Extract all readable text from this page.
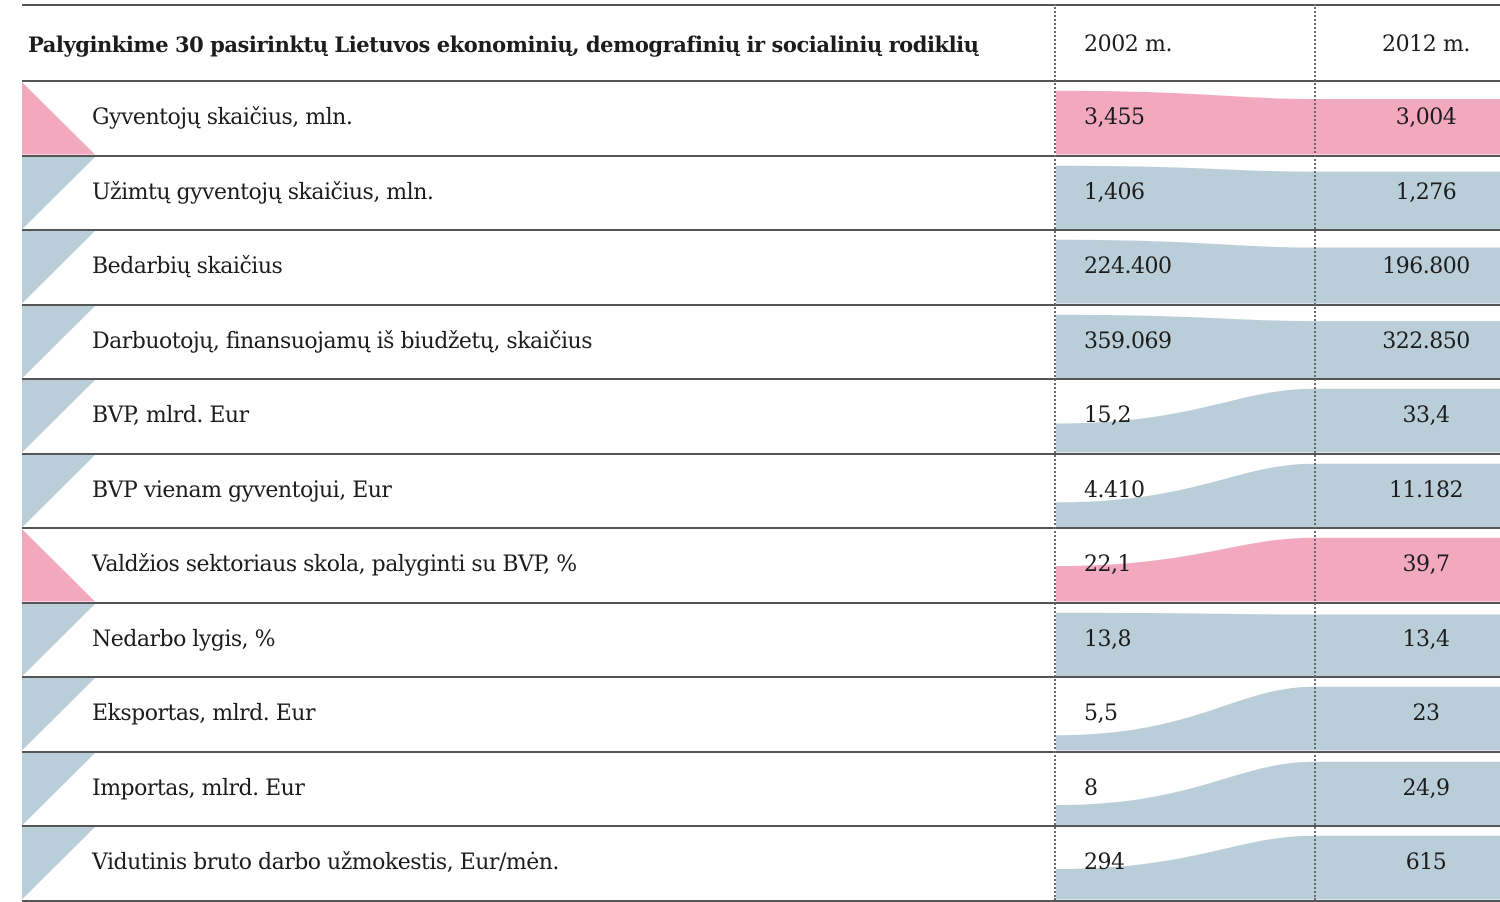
Palyginkime 30 pasirinktų Lietuvos ekonominių, demografinių ir socialinių rodiklių	2002 m.	2012 m.
Gyventojų skaičius, mln.	3,455	3,004
Užimtų gyventojų skaičius, mln.	1,406	1,276
Bedarbių skaičius	224.400	196.800
Darbuotojų, finansuojamų iš biudžetų, skaičius	359.069	322.850
BVP, mlrd. Eur	15,2	33,4
BVP vienam gyventojui, Eur	4.410	11.182
Valdžios sektoriaus skola, palyginti su BVP, %	22,1	39,7
Nedarbo lygis, %	13,8	13,4
Eksportas, mlrd. Eur	5,5	23
Importas, mlrd. Eur	8	24,9
Vidutinis bruto darbo užmokestis, Eur/mėn.	294	615
